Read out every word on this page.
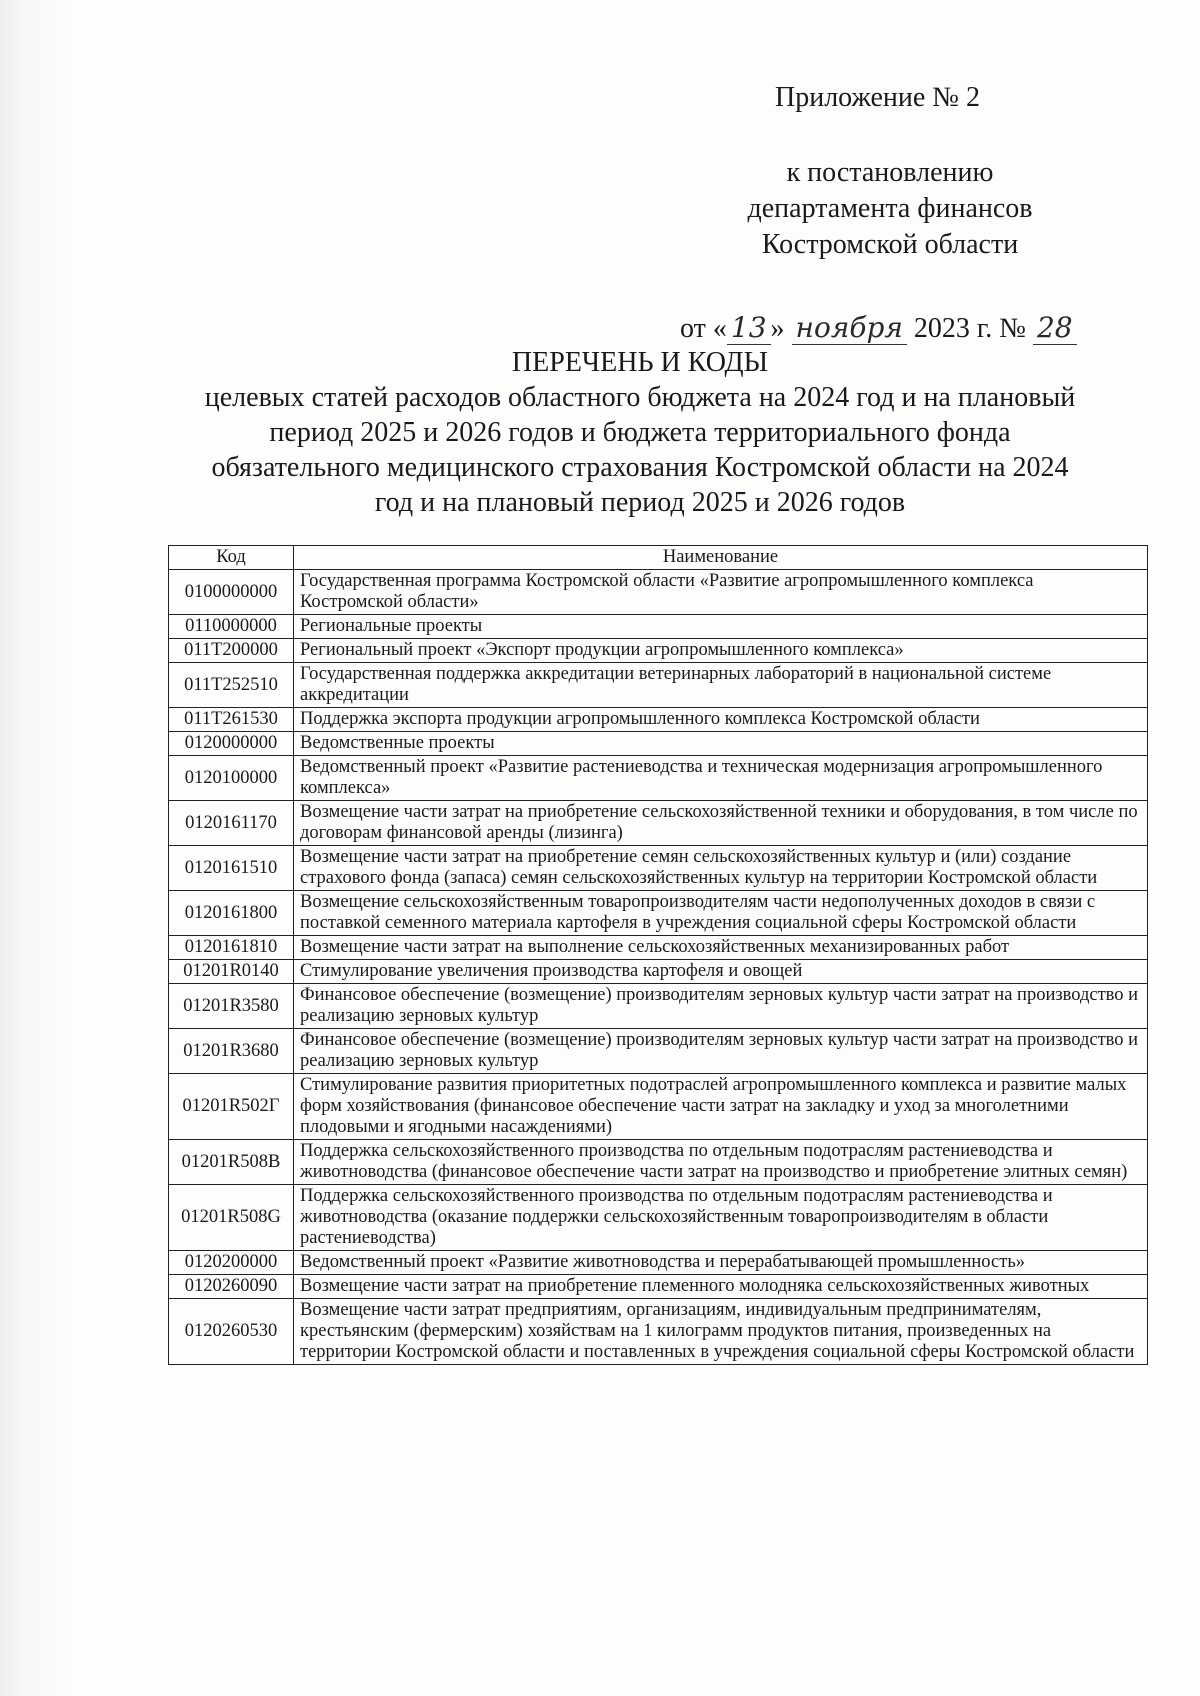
Приложение № 2
к постановлению
департамента финансов
Костромской области
от « 13 » ноября 2023 г. № 28
ПЕРЕЧЕНЬ И КОДЫ
целевых статей расходов областного бюджета на 2024 год и на плановый
период 2025 и 2026 годов и бюджета территориального фонда
обязательного медицинского страхования Костромской области на 2024
год и на плановый период 2025 и 2026 годов
Код	Наименование
0100000000	Государственная программа Костромской области «Развитие агропромышленного комплекса Костромской области»
0110000000	Региональные проекты
011T200000	Региональный проект «Экспорт продукции агропромышленного комплекса»
011T252510	Государственная поддержка аккредитации ветеринарных лабораторий в национальной системе аккредитации
011T261530	Поддержка экспорта продукции агропромышленного комплекса Костромской области
0120000000	Ведомственные проекты
0120100000	Ведомственный проект «Развитие растениеводства и техническая модернизация агропромышленного комплекса»
0120161170	Возмещение части затрат на приобретение сельскохозяйственной техники и оборудования, в том числе по договорам финансовой аренды (лизинга)
0120161510	Возмещение части затрат на приобретение семян сельскохозяйственных культур и (или) создание страхового фонда (запаса) семян сельскохозяйственных культур на территории Костромской области
0120161800	Возмещение сельскохозяйственным товаропроизводителям части недополученных доходов в связи с поставкой семенного материала картофеля в учреждения социальной сферы Костромской области
0120161810	Возмещение части затрат на выполнение сельскохозяйственных механизированных работ
01201R0140	Стимулирование увеличения производства картофеля и овощей
01201R3580	Финансовое обеспечение (возмещение) производителям зерновых культур части затрат на производство и реализацию зерновых культур
01201R3680	Финансовое обеспечение (возмещение) производителям зерновых культур части затрат на производство и реализацию зерновых культур
01201R502Г	Стимулирование развития приоритетных подотраслей агропромышленного комплекса и развитие малых форм хозяйствования (финансовое обеспечение части затрат на закладку и уход за многолетними плодовыми и ягодными насаждениями)
01201R508В	Поддержка сельскохозяйственного производства по отдельным подотраслям растениеводства и животноводства (финансовое обеспечение части затрат на производство и приобретение элитных семян)
01201R508G	Поддержка сельскохозяйственного производства по отдельным подотраслям растениеводства и животноводства (оказание поддержки сельскохозяйственным товаропроизводителям в области растениеводства)
0120200000	Ведомственный проект «Развитие животноводства и перерабатывающей промышленность»
0120260090	Возмещение части затрат на приобретение племенного молодняка сельскохозяйственных животных
0120260530	Возмещение части затрат предприятиям, организациям, индивидуальным предпринимателям, крестьянским (фермерским) хозяйствам на 1 килограмм продуктов питания, произведенных на территории Костромской области и поставленных в учреждения социальной сферы Костромской области
